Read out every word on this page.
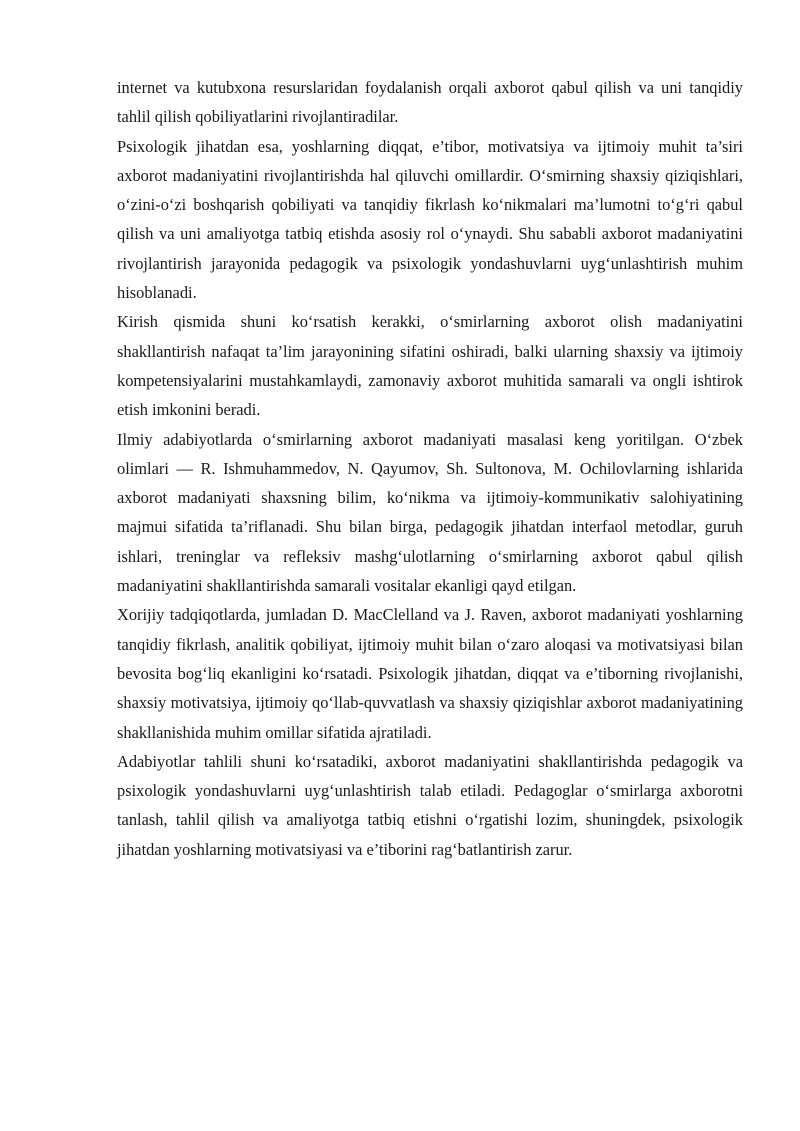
internet va kutubxona resurslaridan foydalanish orqali axborot qabul qilish va uni tanqidiy tahlil qilish qobiliyatlarini rivojlantiradilar.

Psixologik jihatdan esa, yoshlarning diqqat, e’tibor, motivatsiya va ijtimoiy muhit ta’siri axborot madaniyatini rivojlantirishda hal qiluvchi omillardir. O‘smirning shaxsiy qiziqishlari, o‘zini-o‘zi boshqarish qobiliyati va tanqidiy fikrlash ko‘nikmalari ma’lumotni to‘g‘ri qabul qilish va uni amaliyotga tatbiq etishda asosiy rol o‘ynaydi. Shu sababli axborot madaniyatini rivojlantirish jarayonida pedagogik va psixologik yondashuvlarni uyg‘unlashtirish muhim hisoblanadi.

Kirish qismida shuni ko‘rsatish kerakki, o‘smirlarning axborot olish madaniyatini shakllantirish nafaqat ta’lim jarayonining sifatini oshiradi, balki ularning shaxsiy va ijtimoiy kompetensiyalarini mustahkamlaydi, zamonaviy axborot muhitida samarali va ongli ishtirok etish imkonini beradi.

Ilmiy adabiyotlarda o‘smirlarning axborot madaniyati masalasi keng yoritilgan. O‘zbek olimlari — R. Ishmuhammedov, N. Qayumov, Sh. Sultonova, M. Ochilovlarning ishlarida axborot madaniyati shaxsning bilim, ko‘nikma va ijtimoiy-kommunikativ salohiyatining majmui sifatida ta’riflanadi. Shu bilan birga, pedagogik jihatdan interfaol metodlar, guruh ishlari, treninglar va refleksiv mashg‘ulotlarning o‘smirlarning axborot qabul qilish madaniyatini shakllantirishda samarali vositalar ekanligi qayd etilgan.

Xorijiy tadqiqotlarda, jumladan D. MacClelland va J. Raven, axborot madaniyati yoshlarning tanqidiy fikrlash, analitik qobiliyat, ijtimoiy muhit bilan o‘zaro aloqasi va motivatsiyasi bilan bevosita bog‘liq ekanligini ko‘rsatadi. Psixologik jihatdan, diqqat va e’tiborning rivojlanishi, shaxsiy motivatsiya, ijtimoiy qo‘llab-quvvatlash va shaxsiy qiziqishlar axborot madaniyatining shakllanishida muhim omillar sifatida ajratiladi.

Adabiyotlar tahlili shuni ko‘rsatadiki, axborot madaniyatini shakllantirishda pedagogik va psixologik yondashuvlarni uyg‘unlashtirish talab etiladi. Pedagoglar o‘smirlarga axborotni tanlash, tahlil qilish va amaliyotga tatbiq etishni o‘rgatishi lozim, shuningdek, psixologik jihatdan yoshlarning motivatsiyasi va e’tiborini rag‘batlantirish zarur.
